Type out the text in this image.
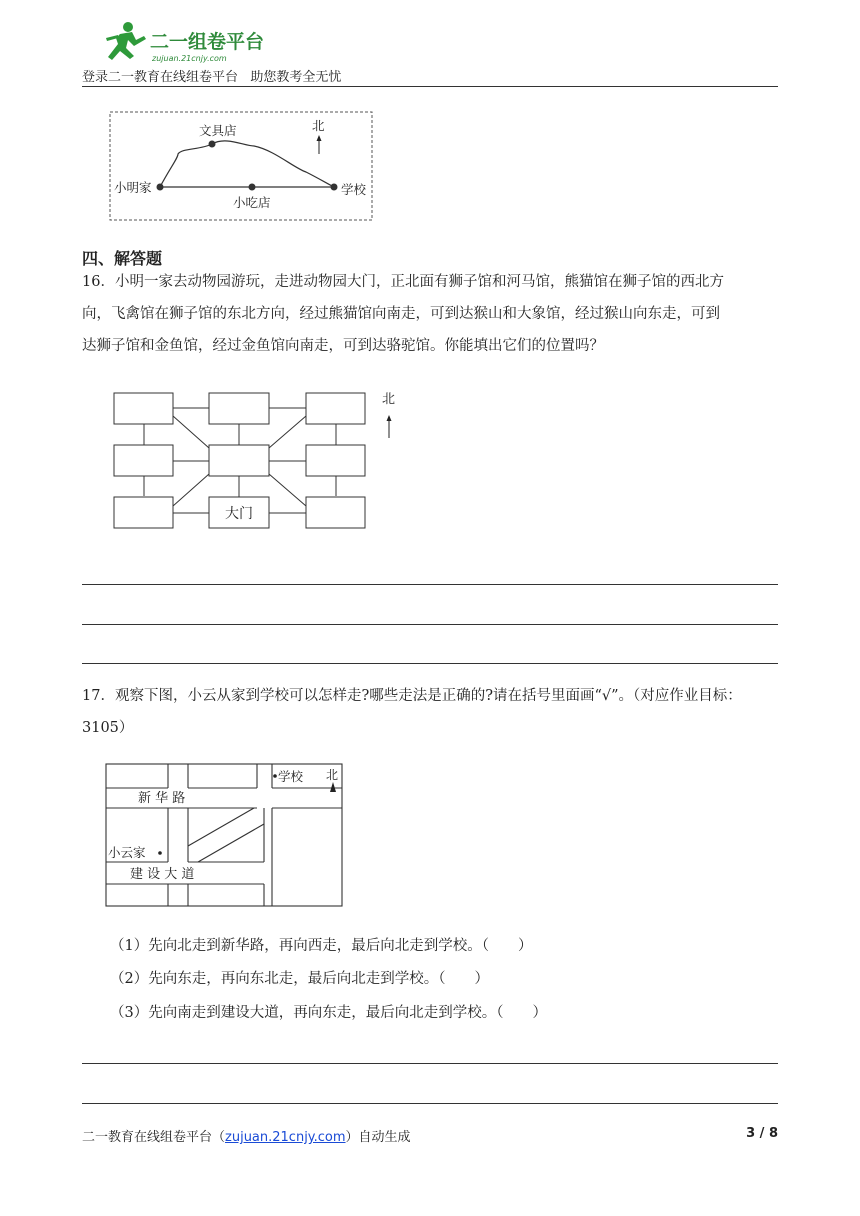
二一组卷平台
zujuan.21cnjy.com
登录二一教育在线组卷平台   助您教考全无忧
文具店
小明家
小吃店
学校
北
四、解答题
16．小明一家去动物园游玩，走进动物园大门，正北面有狮子馆和河马馆，熊猫馆在狮子馆的西北方
向，飞禽馆在狮子馆的东北方向，经过熊猫馆向南走，可到达猴山和大象馆，经过猴山向东走，可到
达狮子馆和金鱼馆，经过金鱼馆向南走，可到达骆驼馆。你能填出它们的位置吗？
大门
北
17．观察下图，小云从家到学校可以怎样走?哪些走法是正确的?请在括号里面画“√”。（对应作业目标：
3105）
学校 北
新 华 路
小云家
建 设 大 道
（1）先向北走到新华路，再向西走，最后向北走到学校。（　　）
（2）先向东走，再向东北走，最后向北走到学校。（　　）
（3）先向南走到建设大道，再向东走，最后向北走到学校。（　　）
二一教育在线组卷平台（zujuan.21cnjy.com）自动生成	3 / 8
